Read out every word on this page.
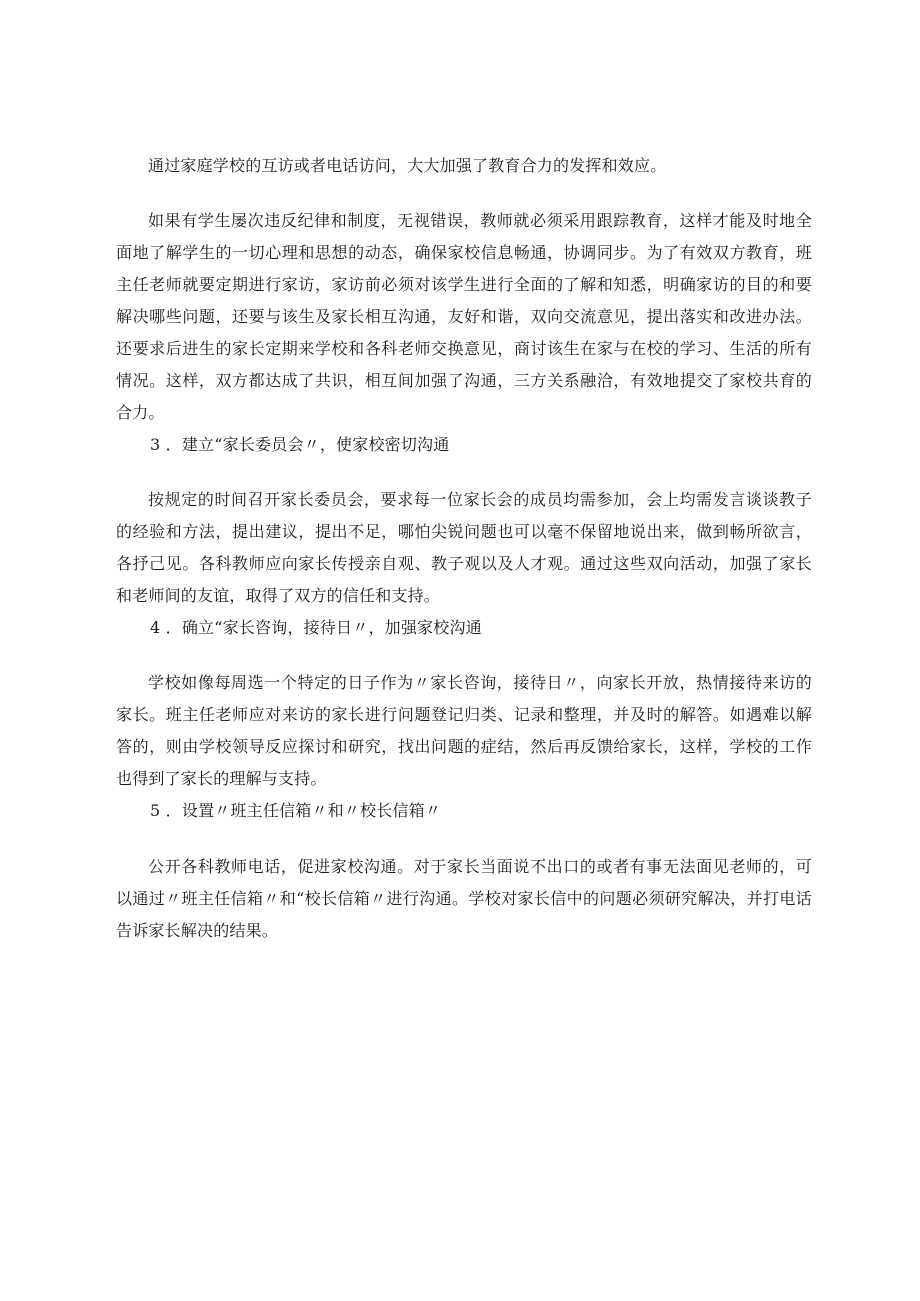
通过家庭学校的互访或者电话访问，大大加强了教育合力的发挥和效应。

如果有学生屡次违反纪律和制度，无视错误，教师就必须采用跟踪教育，这样才能及时地全面地了解学生的一切心理和思想的动态，确保家校信息畅通，协调同步。为了有效双方教育，班主任老师就要定期进行家访，家访前必须对该学生进行全面的了解和知悉，明确家访的目的和要解决哪些问题，还要与该生及家长相互沟通，友好和谐，双向交流意见，提出落实和改进办法。还要求后进生的家长定期来学校和各科老师交换意见，商讨该生在家与在校的学习、生活的所有情况。这样，双方都达成了共识，相互间加强了沟通，三方关系融洽，有效地提交了家校共育的合力。

3 ．建立“家长委员会〃，使家校密切沟通

按规定的时间召开家长委员会，要求每一位家长会的成员均需参加，会上均需发言谈谈教子的经验和方法，提出建议，提出不足，哪怕尖锐问题也可以毫不保留地说出来，做到畅所欲言，各抒己见。各科教师应向家长传授亲自观、教子观以及人才观。通过这些双向活动，加强了家长和老师间的友谊，取得了双方的信任和支持。

4 ．确立“家长咨询，接待日〃，加强家校沟通

学校如像每周选一个特定的日子作为〃家长咨询，接待日〃，向家长开放，热情接待来访的家长。班主任老师应对来访的家长进行问题登记归类、记录和整理，并及时的解答。如遇难以解答的，则由学校领导反应探讨和研究，找出问题的症结，然后再反馈给家长，这样，学校的工作也得到了家长的理解与支持。

5 ．设置〃班主任信箱〃和〃校长信箱〃

公开各科教师电话，促进家校沟通。对于家长当面说不出口的或者有事无法面见老师的，可以通过〃班主任信箱〃和“校长信箱〃进行沟通。学校对家长信中的问题必须研究解决，并打电话告诉家长解决的结果。
